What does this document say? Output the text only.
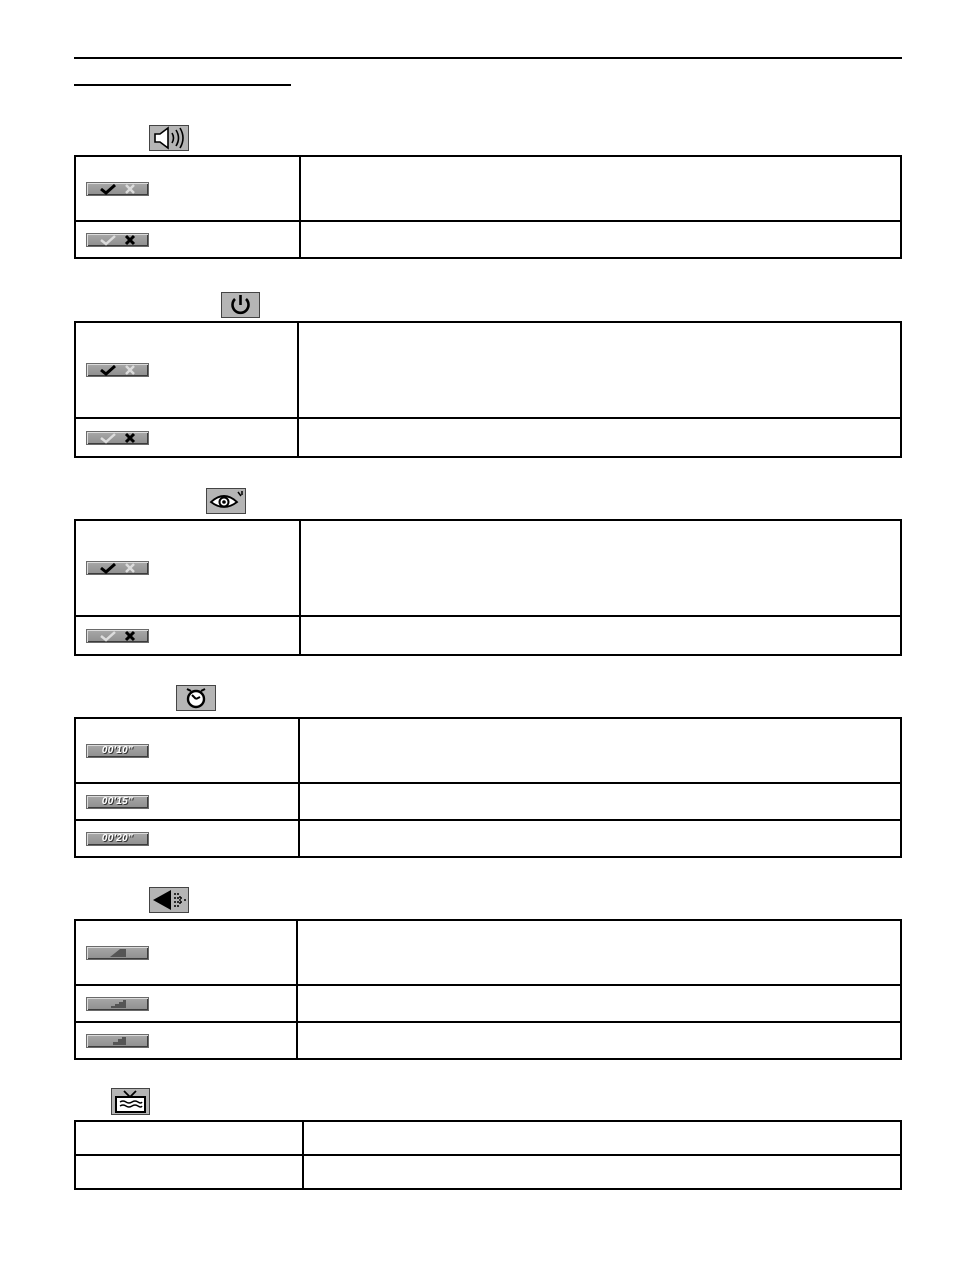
00'10"	

00'15"	

00'20"	
